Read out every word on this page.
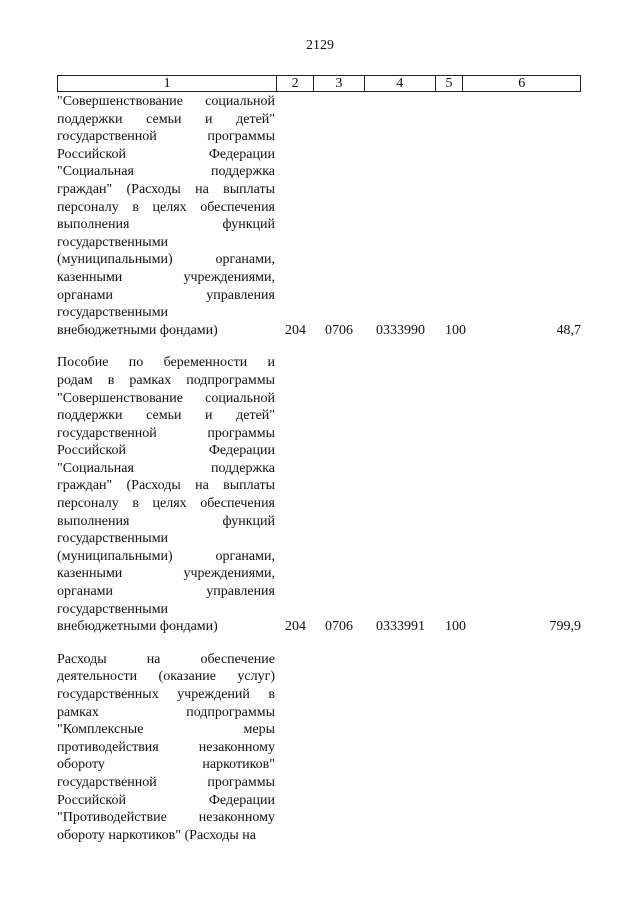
2129
1	2	3	4	5	6
"Совершенствование социальной
поддержки семьи и детей"
государственной программы
Российской Федерации
"Социальная поддержка
граждан" (Расходы на выплаты
персоналу в целях обеспечения
выполнения функций
государственными
(муниципальными) органами,
казенными учреждениями,
органами управления
государственными
внебюджетными фондами)	204 0706 0333990 100	48,7
Пособие по беременности и
родам в рамках подпрограммы
"Совершенствование социальной
поддержки семьи и детей"
государственной программы
Российской Федерации
"Социальная поддержка
граждан" (Расходы на выплаты
персоналу в целях обеспечения
выполнения функций
государственными
(муниципальными) органами,
казенными учреждениями,
органами управления
государственными
внебюджетными фондами)	204 0706 0333991 100	799,9
Расходы на обеспечение
деятельности (оказание услуг)
государственных учреждений в
рамках подпрограммы
"Комплексные меры
противодействия незаконному
обороту наркотиков"
государственной программы
Российской Федерации
"Противодействие незаконному
обороту наркотиков" (Расходы на
